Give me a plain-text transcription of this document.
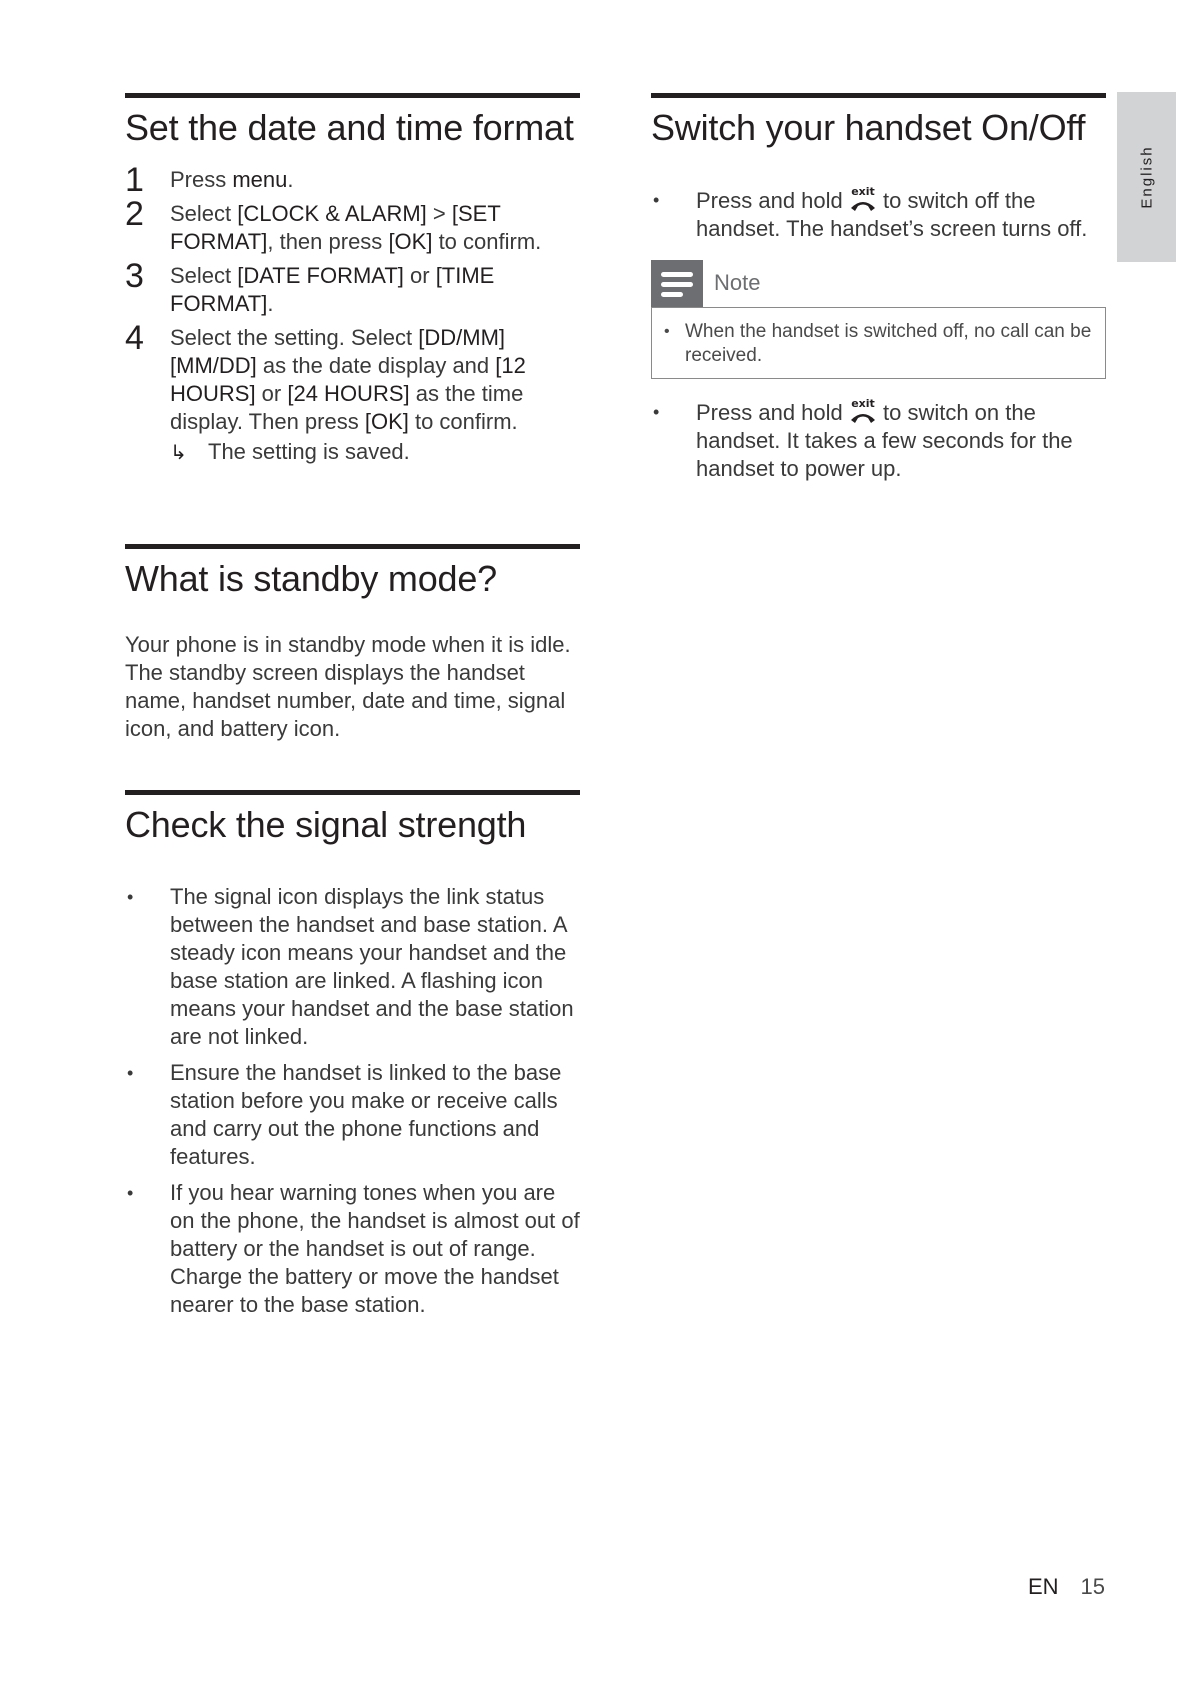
Set the date and time format
1 Press menu.
2 Select [CLOCK & ALARM] > [SET FORMAT], then press [OK] to confirm.
3 Select [DATE FORMAT] or [TIME FORMAT].
4 Select the setting. Select [DD/MM][MM/DD] as the date display and [12 HOURS] or [24 HOURS] as the time display. Then press [OK] to confirm.
↳ The setting is saved.
What is standby mode?

Your phone is in standby mode when it is idle. The standby screen displays the handset name, handset number, date and time, signal icon, and battery icon.

Check the signal strength
• The signal icon displays the link status between the handset and base station. A steady icon means your handset and the base station are linked. A flashing icon means your handset and the base station are not linked.
• Ensure the handset is linked to the base station before you make or receive calls and carry out the phone functions and features.
• If you hear warning tones when you are on the phone, the handset is almost out of battery or the handset is out of range. Charge the battery or move the handset nearer to the base station.
Switch your handset On/Off
• Press and hold exit to switch off the handset. The handset’s screen turns off.
Note
• When the handset is switched off, no call can be received.
• Press and hold exit to switch on the handset. It takes a few seconds for the handset to power up.
English
EN 15
